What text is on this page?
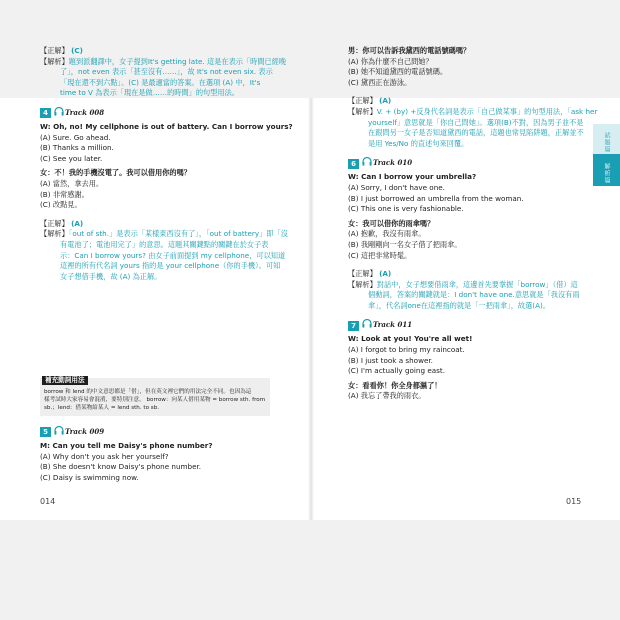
【正解】 (C)

【解析】題到派翻譯中，女子提到It's getting late. 這是在表示「時間已經晚

了」，not even 表示「甚至沒有……」，故 It's not even six. 表示

「現在還不到六點」。(C) 是最適當的答案。在選項 (A) 中，It's

time to V 為表示「現在是做……的時間」的句型用法。

4 Track 008

W: Oh, no! My cellphone is out of battery. Can I borrow yours?

(A) Sure. Go ahead.

(B) Thanks a million.

(C) See you later.

女：不！我的手機沒電了。我可以借用你的嗎？

(A) 當然，拿去用。

(B) 非常感謝。

(C) 改點見。

【正解】 (A)

【解析】「out of sth.」是表示「某樣東西沒有了」，「out of battery」即「沒

有電池了；電池用完了」的意思。這題其關鍵點的關鍵在於女子表

示：Can I borrow yours? 由女子前面提到 my cellphone，可以知道

這裡的所有代名詞 yours 指的是 your cellphone（你的手機）。可知

女子想借手機，故 (A) 為正解。

補充動詞用法

borrow 和 lend 的中文意思都是「借」，但在英文裡它們的用法完全不同。也因為這

樣考試時大家容易會混淆，要特別注意。 borrow：向某人借用某物 = borrow sth. from

sb.；lend：借某物給某人 = lend sth. to sb.

5 Track 009

M: Can you tell me Daisy's phone number?

(A) Why don't you ask her yourself?

(B) She doesn't know Daisy's phone number.

(C) Daisy is swimming now.

男：你可以告訴我黛西的電話號碼嗎？

(A) 你為什麼不自己問她？

(B) 她不知道黛西的電話號碼。

(C) 黛西正在游泳。

【正解】 (A)

【解析】V. + (by) +反身代名詞是表示「自己做某事」的句型用法，「ask her

yourself」意思就是「你自己問她」。選項(B)不對，因為男子並不是

在跟問另一女子是否知道黛西的電話，這題也常見陷阱題，正解並不

是用 Yes/No 的直述句來回覆。

6 Track 010

W: Can I borrow your umbrella?

(A) Sorry, I don't have one.

(B) I just borrowed an umbrella from the woman.

(C) This one is very fashionable.

女：我可以借你的雨傘嗎？

(A) 抱歉，我沒有雨傘。

(B) 我剛剛向一名女子借了把雨傘。

(C) 這把非常時髦。

【正解】 (A)

【解析】對話中，女子想要借雨傘，這邊首先要掌握「borrow」（借）這

個動詞，答案的關鍵就是：I don't have one.意思就是「我沒有雨

傘」，代名詞one在這裡指的就是「一把雨傘」，故選(A)。

7 Track 011

W: Look at you! You're all wet!

(A) I forgot to bring my raincoat.

(B) I just took a shower.

(C) I'm actually going east.

女：看看你！你全身都濕了！

(A) 我忘了帶我的雨衣。

試題篇
解析篇
014	015
